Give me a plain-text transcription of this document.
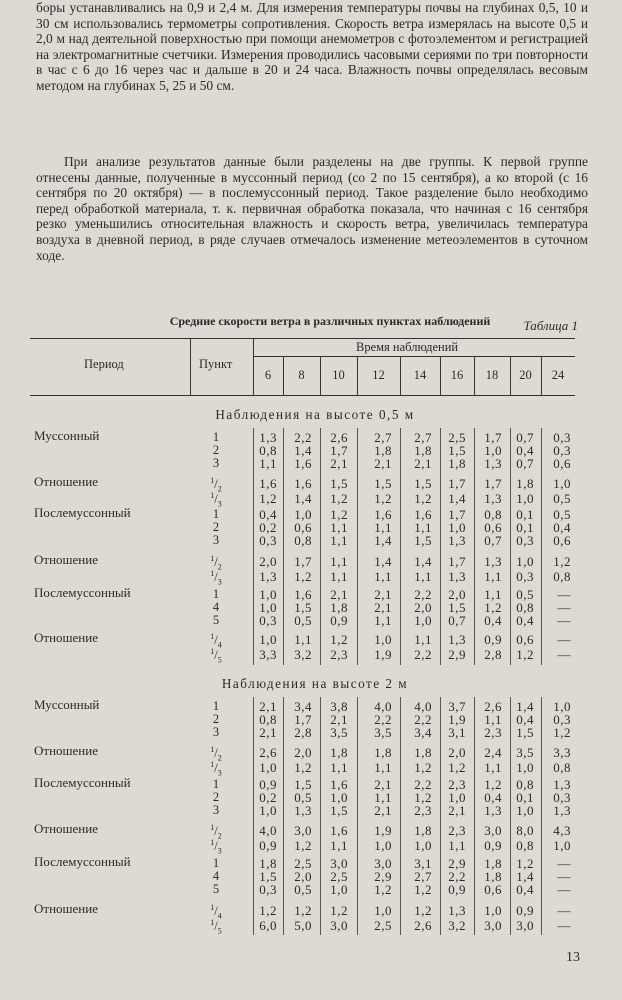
боры устанавливались на 0,9 и 2,4 м. Для измерения температуры почвы на глубинах 0,5, 10 и 30 см использовались термометры сопротивления. Скорость ветра измерялась на высоте 0,5 и 2,0 м над деятельной поверхностью при помощи анемометров с фотоэлементом и регистрацией на электромагнитные счетчики. Измерения проводились часовыми сериями по три повторности в час с 6 до 16 через час и дальше в 20 и 24 часа. Влажность почвы определялась весовым методом на глубинах 5, 25 и 50 см.

При анализе результатов данные были разделены на две группы. К первой группе отнесены данные, полученные в муссонный период (со 2 по 15 сентября), а ко второй (с 16 сентября по 20 октября) — в послемуссонный период. Такое разделение было необходимо перед обработкой материала, т. к. первичная обработка показала, что начиная с 16 сентября резко уменьшились относительная влажность и скорость ветра, увеличилась температура воздуха в дневной период, в ряде случаев отмечалось изменение метеоэлементов в суточном ходе.

Таблица 1
Средние скорости ветра в различных пунктах наблюдений
Период	Пункт
Время наблюдений
6	8	10	12	14	16	18	20	24
Наблюдения на высоте 0,5 м
Муссонный	1	1,3	2,2	2,6	2,7	2,7	2,5	1,7	0,7	0,3
2	0,8	1,4	1,7	1,8	1,8	1,5	1,0	0,4	0,3
3	1,1	1,6	2,1	2,1	2,1	1,8	1,3	0,7	0,6
Отношение	$^1/_2$	1,6	1,6	1,5	1,5	1,5	1,7	1,7	1,8	1,0
$^1/_3$	1,2	1,4	1,2	1,2	1,2	1,4	1,3	1,0	0,5
Послемуссонный	1	0,4	1,0	1,2	1,6	1,6	1,7	0,8	0,1	0,5
2	0,2	0,6	1,1	1,1	1,1	1,0	0,6	0,1	0,4
3	0,3	0,8	1,1	1,4	1,5	1,3	0,7	0,3	0,6
Отношение	$^1/_2$	2,0	1,7	1,1	1,4	1,4	1,7	1,3	1,0	1,2
$^1/_3$	1,3	1,2	1,1	1,1	1,1	1,3	1,1	0,3	0,8
Послемуссонный	1	1,0	1,6	2,1	2,1	2,2	2,0	1,1	0,5	—
4	1,0	1,5	1,8	2,1	2,0	1,5	1,2	0,8	—
5	0,3	0,5	0,9	1,1	1,0	0,7	0,4	0,4	—
Отношение	$^1/_4$	1,0	1,1	1,2	1,0	1,1	1,3	0,9	0,6	—
$^1/_5$	3,3	3,2	2,3	1,9	2,2	2,9	2,8	1,2	—
Наблюдения на высоте 2 м
Муссонный	1	2,1	3,4	3,8	4,0	4,0	3,7	2,6	1,4	1,0
2	0,8	1,7	2,1	2,2	2,2	1,9	1,1	0,4	0,3
3	2,1	2,8	3,5	3,5	3,4	3,1	2,3	1,5	1,2
Отношение	$^1/_2$	2,6	2,0	1,8	1,8	1,8	2,0	2,4	3,5	3,3
$^1/_3$	1,0	1,2	1,1	1,1	1,2	1,2	1,1	1,0	0,8
Послемуссонный	1	0,9	1,5	1,6	2,1	2,2	2,3	1,2	0,8	1,3
2	0,2	0,5	1,0	1,1	1,2	1,0	0,4	0,1	0,3
3	1,0	1,3	1,5	2,1	2,3	2,1	1,3	1,0	1,3
Отношение	$^1/_2$	4,0	3,0	1,6	1,9	1,8	2,3	3,0	8,0	4,3
$^1/_3$	0,9	1,2	1,1	1,0	1,0	1,1	0,9	0,8	1,0
Послемуссонный	1	1,8	2,5	3,0	3,0	3,1	2,9	1,8	1,2	—
4	1,5	2,0	2,5	2,9	2,7	2,2	1,8	1,4	—
5	0,3	0,5	1,0	1,2	1,2	0,9	0,6	0,4	—
Отношение	$^1/_4$	1,2	1,2	1,2	1,0	1,2	1,3	1,0	0,9	—
$^1/_5$	6,0	5,0	3,0	2,5	2,6	3,2	3,0	3,0	—
13
